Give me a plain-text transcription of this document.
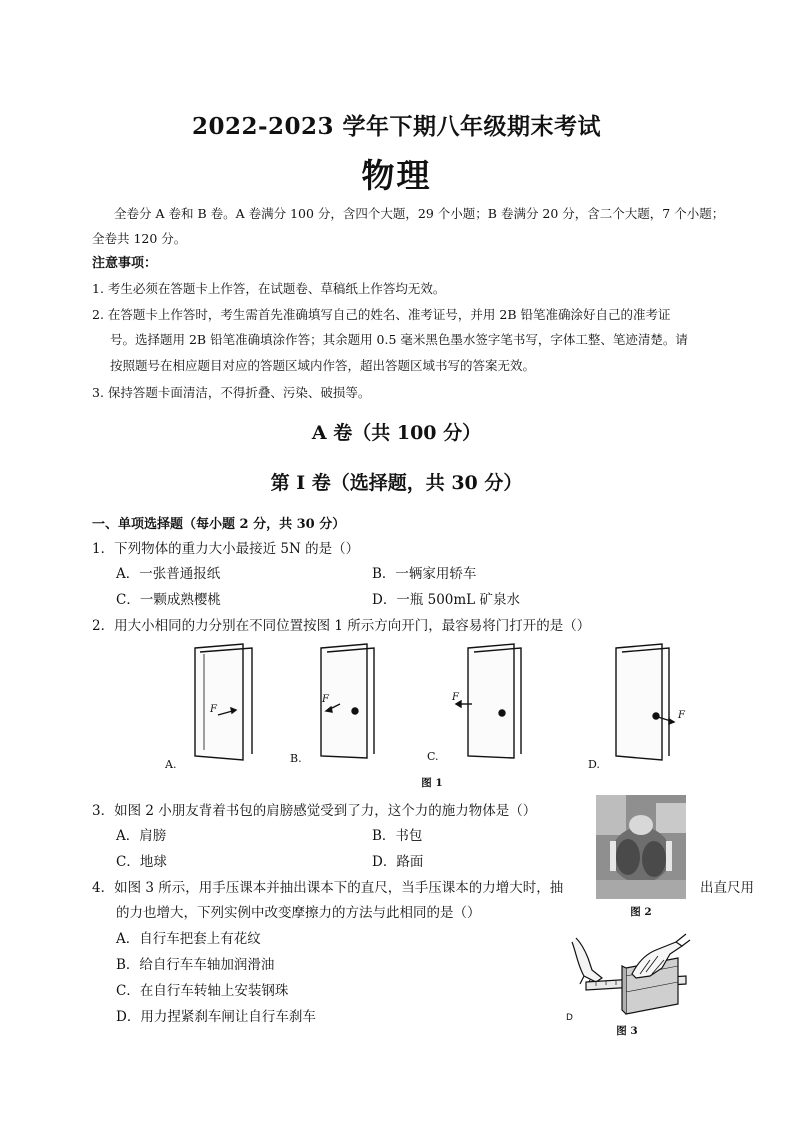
2022-2023 学年下期八年级期末考试
物理
全卷分 A 卷和 B 卷。A 卷满分 100 分，含四个大题，29 个小题；B 卷满分 20 分，含二个大题，7 个小题；
全卷共 120 分。
注意事项：
1. 考生必须在答题卡上作答，在试题卷、草稿纸上作答均无效。
2. 在答题卡上作答时，考生需首先准确填写自己的姓名、准考证号，并用 2B 铅笔准确涂好自己的准考证
号。选择题用 2B 铅笔准确填涂作答；其余题用 0.5 毫米黑色墨水签字笔书写，字体工整、笔迹清楚。请
按照题号在相应题目对应的答题区域内作答，超出答题区域书写的答案无效。
3. 保持答题卡面清洁，不得折叠、污染、破损等。
A 卷（共 100 分）
第 I 卷（选择题，共 30 分）
一、单项选择题（每小题 2 分，共 30 分）
1．下列物体的重力大小最接近 5N 的是（）
A．一张普通报纸	B．一辆家用轿车
C．一颗成熟樱桃	D．一瓶 500mL 矿泉水
2．用大小相同的力分别在不同位置按图 1 所示方向开门，最容易将门打开的是（）
F
F	F
F
A.	B.	C.
D.
图 1
3．如图 2 小朋友背着书包的肩膀感觉受到了力，这个力的施力物体是（）
A．肩膀	B．书包
C．地球	D．路面
图 2
4．如图 3 所示，用手压课本并抽出课本下的直尺，当手压课本的力增大时，抽	出直尺用
的力也增大，下列实例中改变摩擦力的方法与此相同的是（）
A．自行车把套上有花纹
B．给自行车车轴加润滑油
C．在自行车转轴上安装钢珠
D．用力捏紧刹车闸让自行车刹车	D
图 3
